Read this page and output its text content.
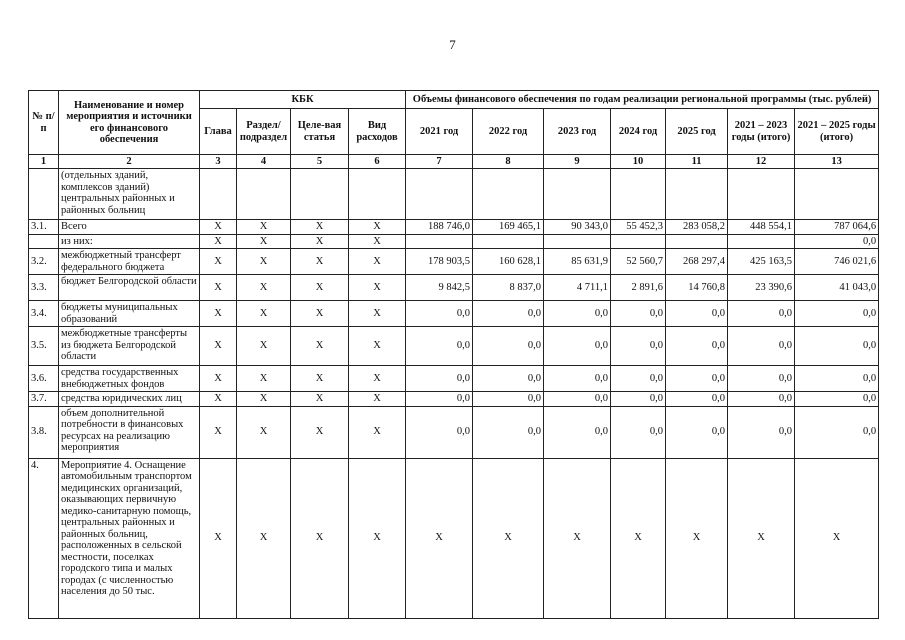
7
№ п/п	Наименование и номер мероприятия и источники его финансового обеспечения	КБК				Объемы финансового обеспечения по годам реализации региональной программы (тыс. рублей)						
		Глава	Раздел/ подраздел	Целе-вая статья	Вид расходов	2021 год	2022 год	2023 год	2024 год	2025 год	2021 – 2023 годы (итого)	2021 – 2025 годы (итого)
1	2	3	4	5	6	7	8	9	10	11	12	13
	(отдельных зданий, комплексов зданий) центральных районных и районных больниц											
3.1.	Всего	X	X	X	X	188 746,0	169 465,1	90 343,0	55 452,3	283 058,2	448 554,1	787 064,6
	из них:	X	X	X	X							0,0
3.2.	межбюджетный трансферт федерального бюджета	X	X	X	X	178 903,5	160 628,1	85 631,9	52 560,7	268 297,4	425 163,5	746 021,6
3.3.	бюджет Белгородской области	X	X	X	X	9 842,5	8 837,0	4 711,1	2 891,6	14 760,8	23 390,6	41 043,0
3.4.	бюджеты муниципальных образований	X	X	X	X	0,0	0,0	0,0	0,0	0,0	0,0	0,0
3.5.	межбюджетные трансферты из бюджета Белгородской области	X	X	X	X	0,0	0,0	0,0	0,0	0,0	0,0	0,0
3.6.	средства государственных внебюджетных фондов	X	X	X	X	0,0	0,0	0,0	0,0	0,0	0,0	0,0
3.7.	средства юридических лиц	X	X	X	X	0,0	0,0	0,0	0,0	0,0	0,0	0,0
3.8.	объем дополнительной потребности в финансовых ресурсах на реализацию мероприятия	X	X	X	X	0,0	0,0	0,0	0,0	0,0	0,0	0,0
4.	Мероприятие 4. Оснащение автомобильным транспортом медицинских организаций, оказывающих первичную медико-санитарную помощь, центральных районных и районных больниц, расположенных в сельской местности, поселках городского типа и малых городах (с численностью населения до 50 тыс.	X	X	X	X	X	X	X	X	X	X	X
